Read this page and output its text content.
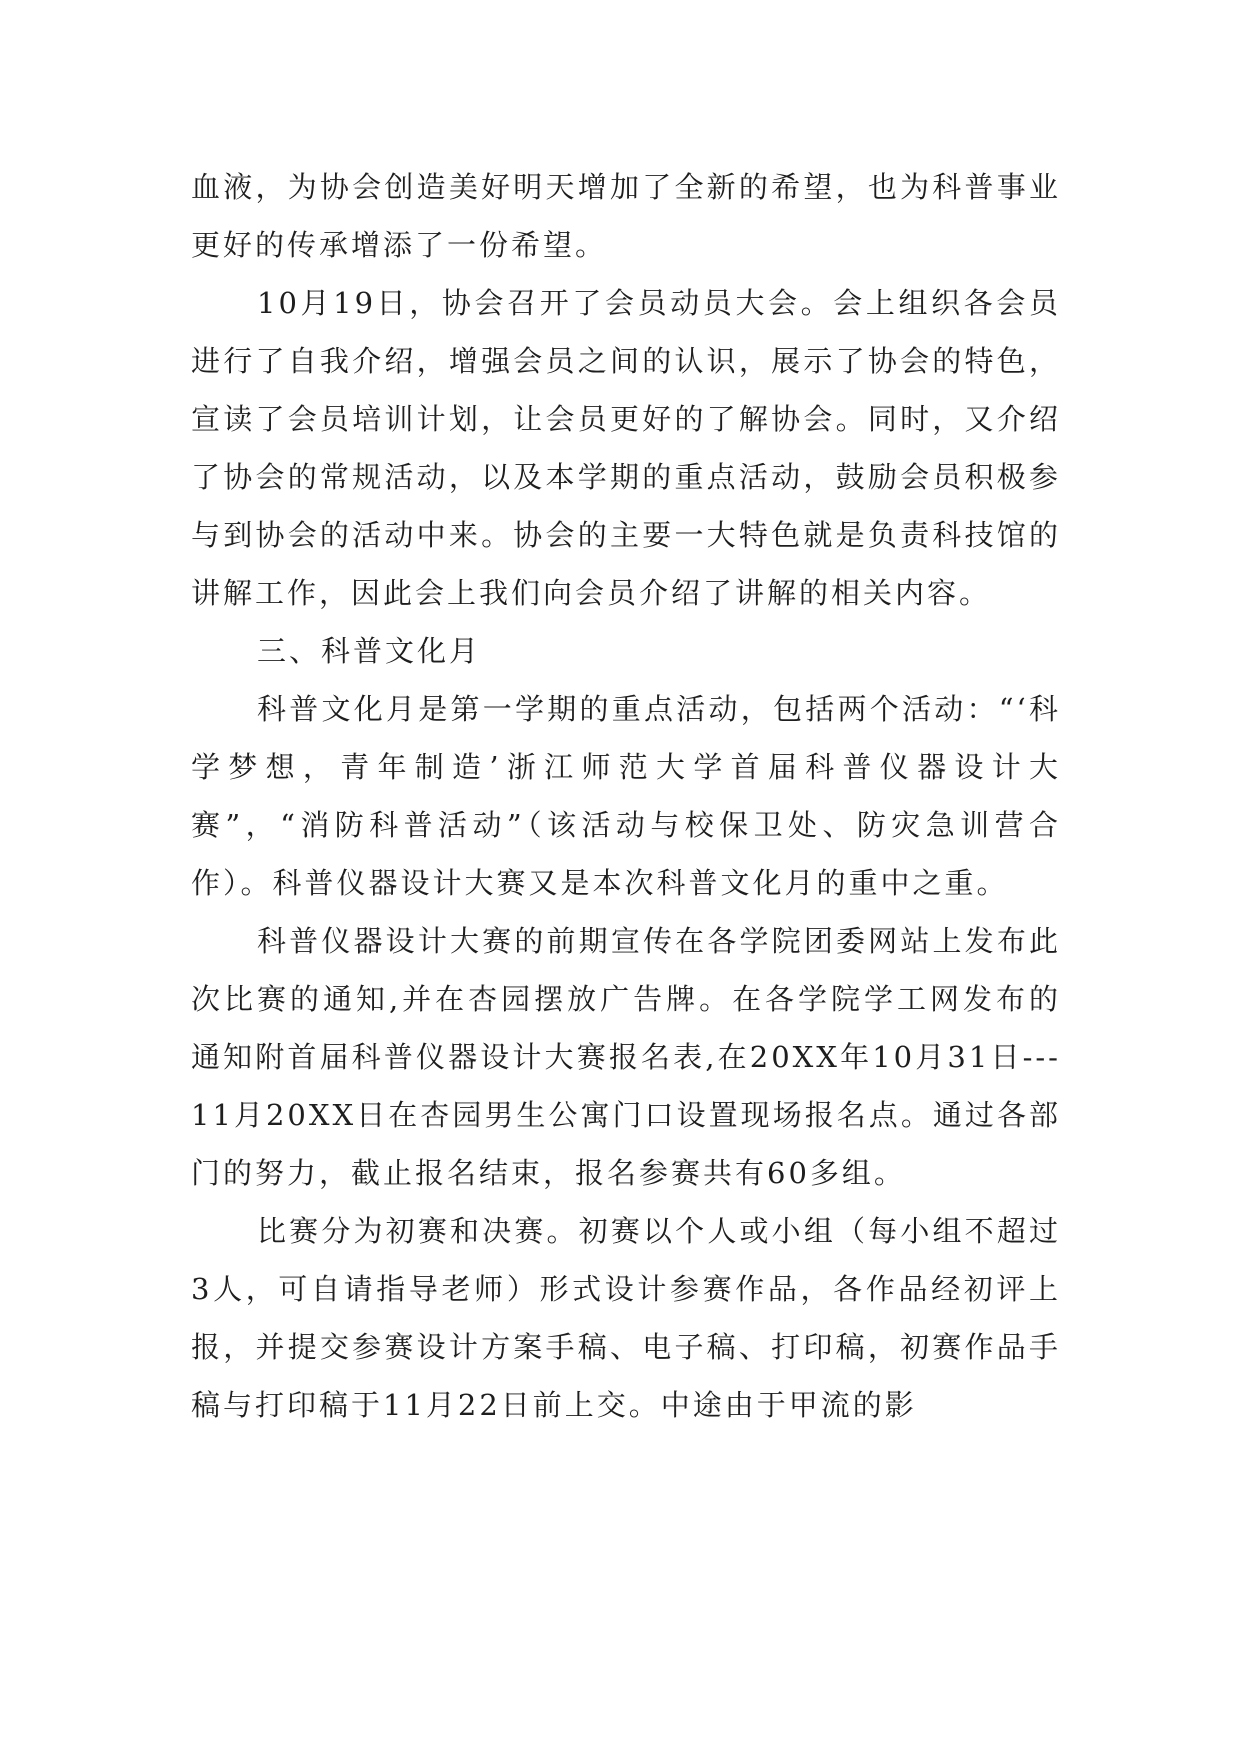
血液，为协会创造美好明天增加了全新的希望，也为科普事业更好的传承增添了一份希望。

10月19日，协会召开了会员动员大会。会上组织各会员进行了自我介绍，增强会员之间的认识，展示了协会的特色，宣读了会员培训计划，让会员更好的了解协会。同时，又介绍了协会的常规活动，以及本学期的重点活动，鼓励会员积极参与到协会的活动中来。协会的主要一大特色就是负责科技馆的讲解工作，因此会上我们向会员介绍了讲解的相关内容。

三、科普文化月

科普文化月是第一学期的重点活动，包括两个活动：“‘科学梦想，青年制造’浙江师范大学首届科普仪器设计大赛”，“消防科普活动”（该活动与校保卫处、防灾急训营合作）。科普仪器设计大赛又是本次科普文化月的重中之重。

科普仪器设计大赛的前期宣传在各学院团委网站上发布此次比赛的通知,并在杏园摆放广告牌。在各学院学工网发布的通知附首届科普仪器设计大赛报名表,在20XX年10月31日---11月20XX日在杏园男生公寓门口设置现场报名点。通过各部门的努力，截止报名结束，报名参赛共有60多组。

比赛分为初赛和决赛。初赛以个人或小组（每小组不超过3人，可自请指导老师）形式设计参赛作品，各作品经初评上报，并提交参赛设计方案手稿、电子稿、打印稿，初赛作品手稿与打印稿于11月22日前上交。中途由于甲流的影
